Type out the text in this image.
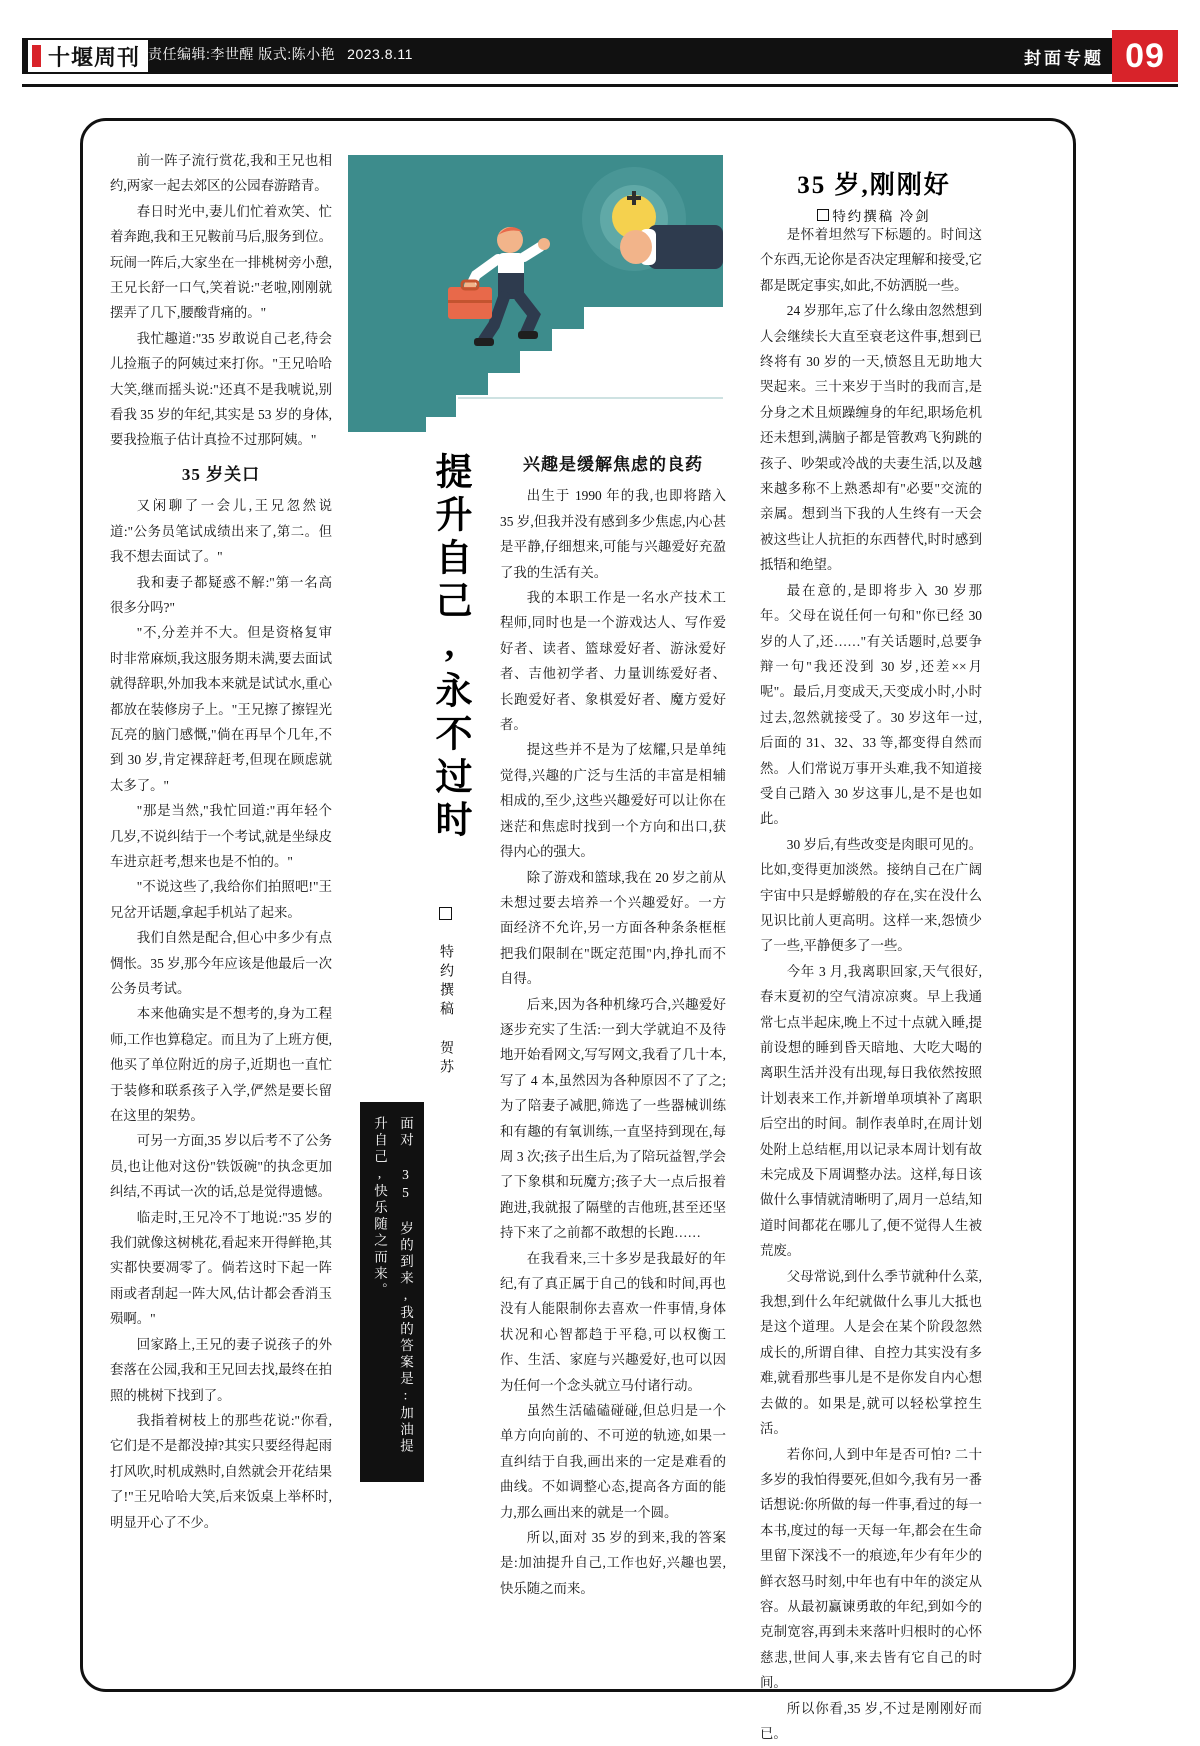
十堰周刊 责任编辑:李世醒 版式:陈小艳 2023.8.11	封面专题 09

前一阵子流行赏花,我和王兄也相约,两家一起去郊区的公园春游踏青。

春日时光中,妻儿们忙着欢笑、忙着奔跑,我和王兄鞍前马后,服务到位。玩闹一阵后,大家坐在一排桃树旁小憩,王兄长舒一口气,笑着说:"老啦,刚刚就摆弄了几下,腰酸背痛的。"

我忙趣道:"35 岁敢说自己老,待会儿捡瓶子的阿姨过来打你。"王兄哈哈大笑,继而摇头说:"还真不是我唬说,别看我 35 岁的年纪,其实是 53 岁的身体,要我捡瓶子估计真捡不过那阿姨。"

35 岁关口

又闲聊了一会儿,王兄忽然说道:"公务员笔试成绩出来了,第二。但我不想去面试了。"

我和妻子都疑惑不解:"第一名高很多分吗?"

"不,分差并不大。但是资格复审时非常麻烦,我这服务期未满,要去面试就得辞职,外加我本来就是试试水,重心都放在装修房子上。"王兄擦了擦锃光瓦亮的脑门感慨,"倘在再早个几年,不到 30 岁,肯定裸辞赶考,但现在顾虑就太多了。"

"那是当然,"我忙回道:"再年轻个几岁,不说纠结于一个考试,就是坐绿皮车进京赶考,想来也是不怕的。"

"不说这些了,我给你们拍照吧!"王兄岔开话题,拿起手机站了起来。

我们自然是配合,但心中多少有点惆怅。35 岁,那今年应该是他最后一次公务员考试。

本来他确实是不想考的,身为工程师,工作也算稳定。而且为了上班方便,他买了单位附近的房子,近期也一直忙于装修和联系孩子入学,俨然是要长留在这里的架势。

可另一方面,35 岁以后考不了公务员,也让他对这份"铁饭碗"的执念更加纠结,不再试一次的话,总是觉得遗憾。

临走时,王兄冷不丁地说:"35 岁的我们就像这树桃花,看起来开得鲜艳,其实都快要凋零了。倘若这时下起一阵雨或者刮起一阵大风,估计都会香消玉殒啊。"

回家路上,王兄的妻子说孩子的外套落在公园,我和王兄回去找,最终在拍照的桃树下找到了。

我指着树枝上的那些花说:"你看,它们是不是都没掉?其实只要经得起雨打风吹,时机成熟时,自然就会开花结果了!"王兄哈哈大笑,后来饭桌上举杯时,明显开心了不少。

提升自己,永不过时
特约撰稿 贺苏
面对 35 岁的到来,我的答案是:加油提升自己,快乐随之而来。
兴趣是缓解焦虑的良药

出生于 1990 年的我,也即将踏入 35 岁,但我并没有感到多少焦虑,内心甚是平静,仔细想来,可能与兴趣爱好充盈了我的生活有关。

我的本职工作是一名水产技术工程师,同时也是一个游戏达人、写作爱好者、读者、篮球爱好者、游泳爱好者、吉他初学者、力量训练爱好者、长跑爱好者、象棋爱好者、魔方爱好者。

提这些并不是为了炫耀,只是单纯觉得,兴趣的广泛与生活的丰富是相辅相成的,至少,这些兴趣爱好可以让你在迷茫和焦虑时找到一个方向和出口,获得内心的强大。

除了游戏和篮球,我在 20 岁之前从未想过要去培养一个兴趣爱好。一方面经济不允许,另一方面各种条条框框把我们限制在"既定范围"内,挣扎而不自得。

后来,因为各种机缘巧合,兴趣爱好逐步充实了生活:一到大学就迫不及待地开始看网文,写写网文,我看了几十本,写了 4 本,虽然因为各种原因不了了之;为了陪妻子减肥,筛选了一些器械训练和有趣的有氧训练,一直坚持到现在,每周 3 次;孩子出生后,为了陪玩益智,学会了下象棋和玩魔方;孩子大一点后报着跑进,我就报了隔壁的吉他班,甚至还坚持下来了之前都不敢想的长跑……

在我看来,三十多岁是我最好的年纪,有了真正属于自己的钱和时间,再也没有人能限制你去喜欢一件事情,身体状况和心智都趋于平稳,可以权衡工作、生活、家庭与兴趣爱好,也可以因为任何一个念头就立马付诸行动。

虽然生活磕磕碰碰,但总归是一个单方向向前的、不可逆的轨迹,如果一直纠结于自我,画出来的一定是难看的曲线。不如调整心态,提高各方面的能力,那么画出来的就是一个圆。

所以,面对 35 岁的到来,我的答案是:加油提升自己,工作也好,兴趣也罢,快乐随之而来。

35 岁,刚刚好
特约撰稿 冷剑

是怀着坦然写下标题的。时间这个东西,无论你是否决定理解和接受,它都是既定事实,如此,不妨洒脱一些。

24 岁那年,忘了什么缘由忽然想到人会继续长大直至衰老这件事,想到已终将有 30 岁的一天,愤怒且无助地大哭起来。三十来岁于当时的我而言,是分身之术且烦躁缠身的年纪,职场危机还未想到,满脑子都是管教鸡飞狗跳的孩子、吵架或冷战的夫妻生活,以及越来越多称不上熟悉却有"必要"交流的亲属。想到当下我的人生终有一天会被这些让人抗拒的东西替代,时时感到抵牾和绝望。

最在意的,是即将步入 30 岁那年。父母在说任何一句和"你已经 30 岁的人了,还……"有关话题时,总要争辩一句"我还没到 30 岁,还差××月呢"。最后,月变成天,天变成小时,小时过去,忽然就接受了。30 岁这年一过,后面的 31、32、33 等,都变得自然而然。人们常说万事开头难,我不知道接受自己踏入 30 岁这事儿,是不是也如此。

30 岁后,有些改变是肉眼可见的。比如,变得更加淡然。接纳自己在广阔宇宙中只是蜉蝣般的存在,实在没什么见识比前人更高明。这样一来,怨愤少了一些,平静便多了一些。

今年 3 月,我离职回家,天气很好,春末夏初的空气清凉凉爽。早上我通常七点半起床,晚上不过十点就入睡,提前设想的睡到昏天暗地、大吃大喝的离职生活并没有出现,每日我依然按照计划表来工作,并新增单项填补了离职后空出的时间。制作表单时,在周计划处附上总结框,用以记录本周计划有故未完成及下周调整办法。这样,每日该做什么事情就清晰明了,周月一总结,知道时间都花在哪儿了,便不觉得人生被荒废。

父母常说,到什么季节就种什么菜,我想,到什么年纪就做什么事儿大抵也是这个道理。人是会在某个阶段忽然成长的,所谓自律、自控力其实没有多难,就看那些事儿是不是你发自内心想去做的。如果是,就可以轻松掌控生活。

若你问,人到中年是否可怕? 二十多岁的我怕得要死,但如今,我有另一番话想说:你所做的每一件事,看过的每一本书,度过的每一天每一年,都会在生命里留下深浅不一的痕迹,年少有年少的鲜衣怒马时刻,中年也有中年的淡定从容。从最初赢谏勇敢的年纪,到如今的克制宽容,再到未来落叶归根时的心怀慈悲,世间人事,来去皆有它自己的时间。

所以你看,35 岁,不过是刚刚好而已。
